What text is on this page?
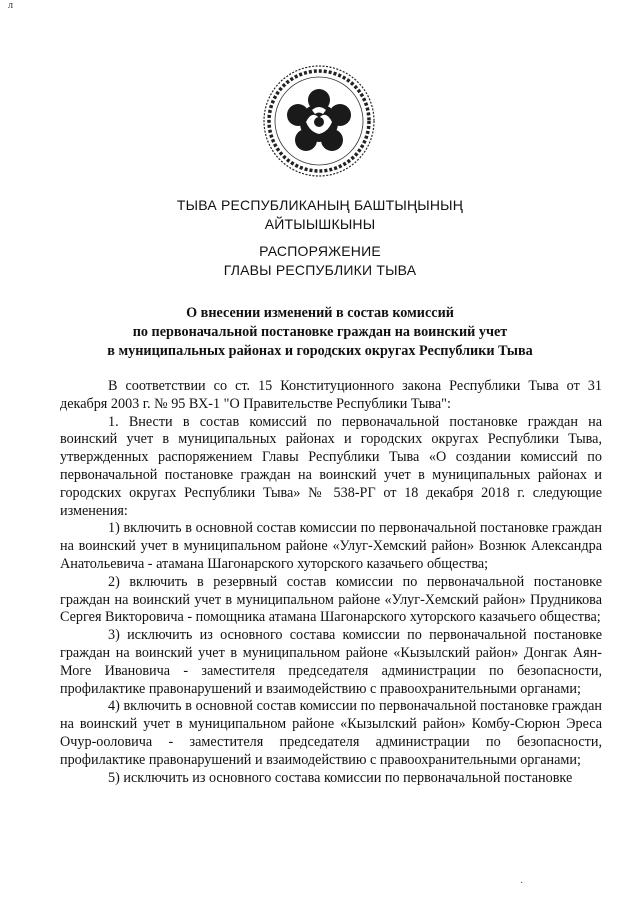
л
ТЫВА РЕСПУБЛИКАНЫҢ БАШТЫҢЫНЫҢ
АЙТЫЫШКЫНЫ
РАСПОРЯЖЕНИЕ
ГЛАВЫ РЕСПУБЛИКИ ТЫВА
О внесении изменений в состав комиссий
по первоначальной постановке граждан на воинский учет
в муниципальных районах и городских округах Республики Тыва

В соответствии со ст. 15 Конституционного закона Республики Тыва от 31 декабря 2003 г. № 95 ВХ-1 "О Правительстве Республики Тыва":

1. Внести в состав комиссий по первоначальной постановке граждан на воинский учет в муниципальных районах и городских округах Республики Тыва, утвержденных распоряжением Главы Республики Тыва «О создании комиссий по первоначальной постановке граждан на воинский учет в муниципальных районах и городских округах Республики Тыва» № 538-РГ от 18 декабря 2018 г. следующие изменения:

1) включить в основной состав комиссии по первоначальной постановке граждан на воинский учет в муниципальном районе «Улуг-Хемский район» Вознюк Александра Анатольевича - атамана Шагонарского хуторского казачьего общества;

2) включить в резервный состав комиссии по первоначальной постановке граждан на воинский учет в муниципальном районе «Улуг-Хемский район» Прудникова Сергея Викторовича - помощника атамана Шагонарского хуторского казачьего общества;

3) исключить из основного состава комиссии по первоначальной постановке граждан на воинский учет в муниципальном районе «Кызылский район» Донгак Аян-Моге Ивановича - заместителя председателя администрации по безопасности, профилактике правонарушений и взаимодействию с правоохранительными органами;

4) включить в основной состав комиссии по первоначальной постановке граждан на воинский учет в муниципальном районе «Кызылский район» Комбу-Сюрюн Эреса Очур-ооловича - заместителя председателя администрации по безопасности, профилактике правонарушений и взаимодействию с правоохранительными органами;

5) исключить из основного состава комиссии по первоначальной постановке

·
